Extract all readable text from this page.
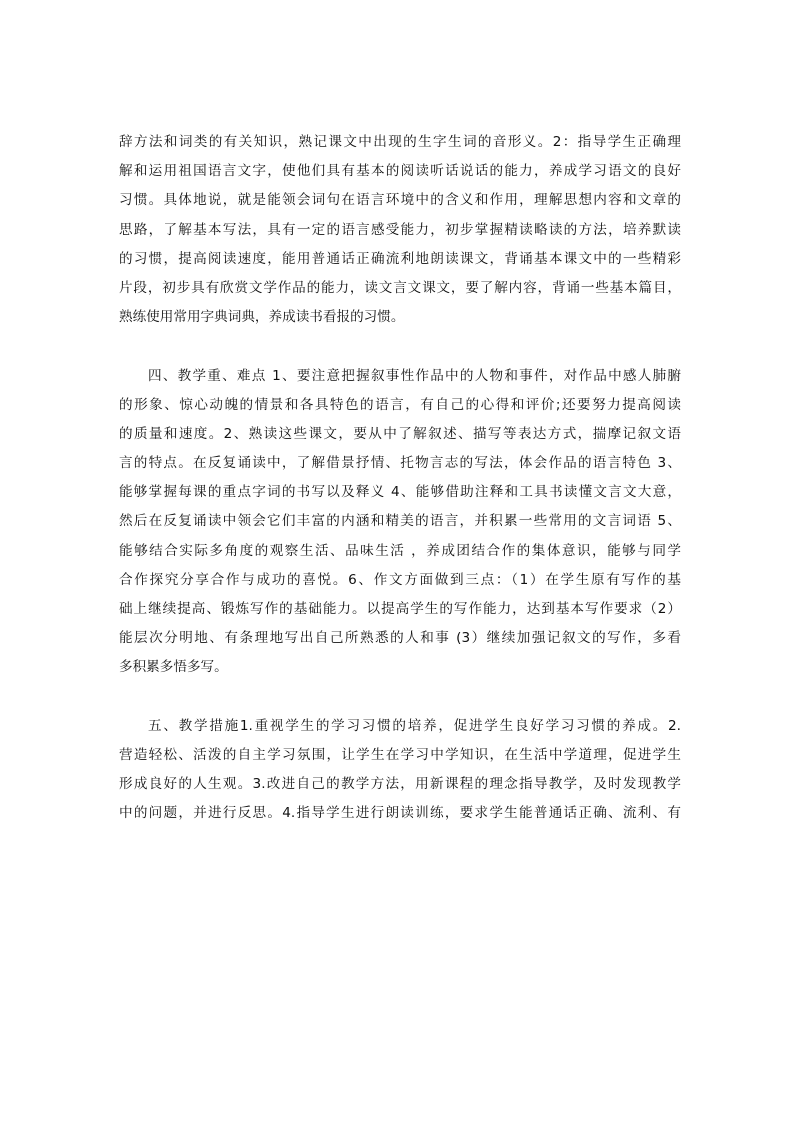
辞方法和词类的有关知识，熟记课文中出现的生字生词的音形义。2：指导学生正确理
解和运用祖国语言文字，使他们具有基本的阅读听话说话的能力，养成学习语文的良好
习惯。具体地说，就是能领会词句在语言环境中的含义和作用，理解思想内容和文章的
思路，了解基本写法，具有一定的语言感受能力，初步掌握精读略读的方法，培养默读
的习惯，提高阅读速度，能用普通话正确流利地朗读课文，背诵基本课文中的一些精彩
片段，初步具有欣赏文学作品的能力，读文言文课文，要了解内容，背诵一些基本篇目，
熟练使用常用字典词典，养成读书看报的习惯。
四、教学重、难点 1、要注意把握叙事性作品中的人物和事件，对作品中感人肺腑
的形象、惊心动魄的情景和各具特色的语言，有自己的心得和评价;还要努力提高阅读
的质量和速度。2、熟读这些课文，要从中了解叙述、描写等表达方式，揣摩记叙文语
言的特点。在反复诵读中，了解借景抒情、托物言志的写法，体会作品的语言特色 3、
能够掌握每课的重点字词的书写以及释义 4、能够借助注释和工具书读懂文言文大意，
然后在反复诵读中领会它们丰富的内涵和精美的语言，并积累一些常用的文言词语 5、
能够结合实际多角度的观察生活、品味生活 ，养成团结合作的集体意识，能够与同学
合作探究分享合作与成功的喜悦。6、作文方面做到三点：（1）在学生原有写作的基
础上继续提高、锻炼写作的基础能力。以提高学生的写作能力，达到基本写作要求（2）
能层次分明地、有条理地写出自己所熟悉的人和事 (3）继续加强记叙文的写作，多看
多积累多悟多写。
五、教学措施1.重视学生的学习习惯的培养，促进学生良好学习习惯的养成。2.
营造轻松、活泼的自主学习氛围，让学生在学习中学知识，在生活中学道理，促进学生
形成良好的人生观。3.改进自己的教学方法，用新课程的理念指导教学，及时发现教学
中的问题，并进行反思。4.指导学生进行朗读训练，要求学生能普通话正确、流利、有
